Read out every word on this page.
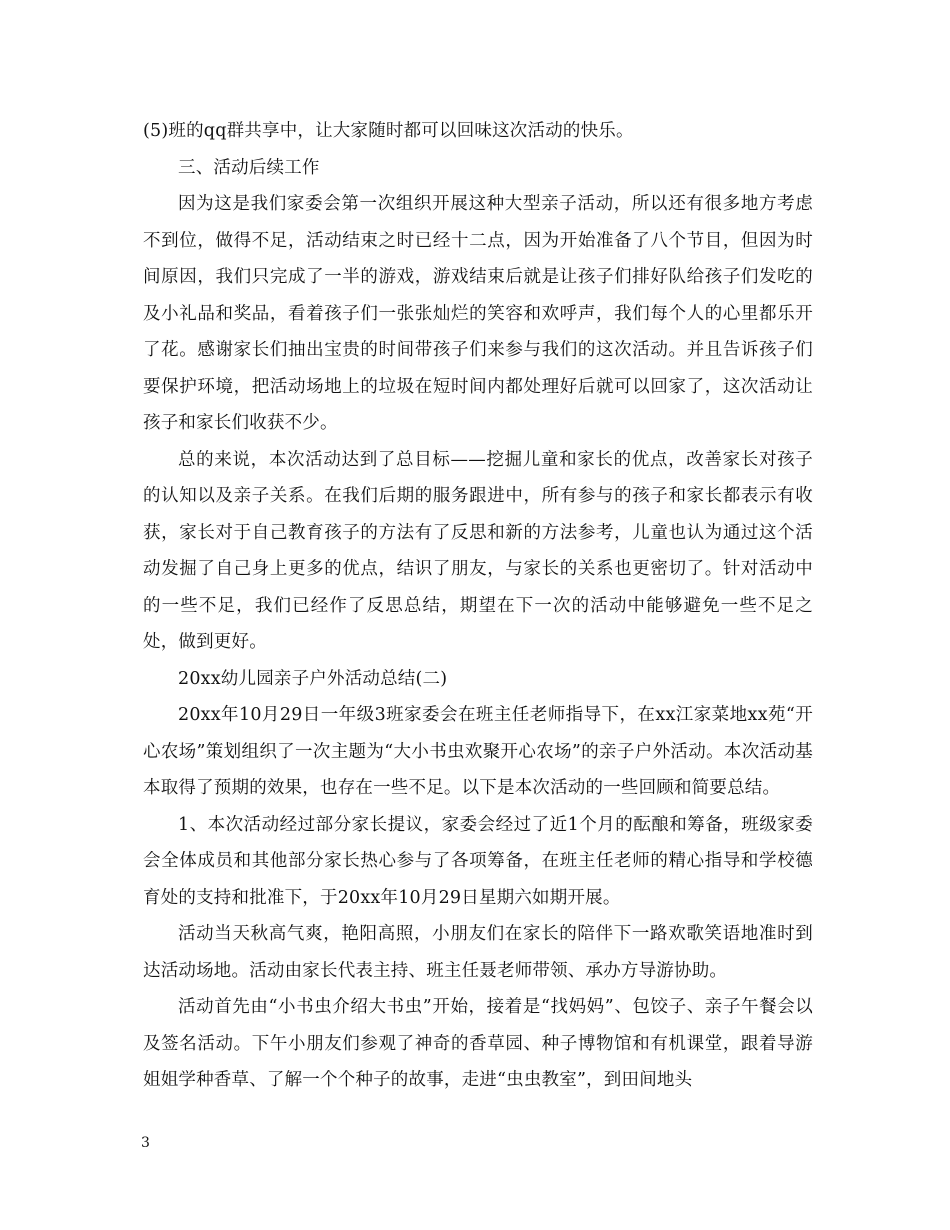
(5)班的qq群共享中，让大家随时都可以回味这次活动的快乐。

三、活动后续工作

因为这是我们家委会第一次组织开展这种大型亲子活动，所以还有很多地方考虑不到位，做得不足，活动结束之时已经十二点，因为开始准备了八个节目，但因为时间原因，我们只完成了一半的游戏，游戏结束后就是让孩子们排好队给孩子们发吃的及小礼品和奖品，看着孩子们一张张灿烂的笑容和欢呼声，我们每个人的心里都乐开了花。感谢家长们抽出宝贵的时间带孩子们来参与我们的这次活动。并且告诉孩子们要保护环境，把活动场地上的垃圾在短时间内都处理好后就可以回家了，这次活动让孩子和家长们收获不少。

总的来说，本次活动达到了总目标——挖掘儿童和家长的优点，改善家长对孩子的认知以及亲子关系。在我们后期的服务跟进中，所有参与的孩子和家长都表示有收获，家长对于自己教育孩子的方法有了反思和新的方法参考，儿童也认为通过这个活动发掘了自己身上更多的优点，结识了朋友，与家长的关系也更密切了。针对活动中的一些不足，我们已经作了反思总结，期望在下一次的活动中能够避免一些不足之处，做到更好。

20xx幼儿园亲子户外活动总结(二)

20xx年10月29日一年级3班家委会在班主任老师指导下，在xx江家菜地xx苑“开心农场”策划组织了一次主题为“大小书虫欢聚开心农场”的亲子户外活动。本次活动基本取得了预期的效果，也存在一些不足。以下是本次活动的一些回顾和简要总结。

1、本次活动经过部分家长提议，家委会经过了近1个月的酝酿和筹备，班级家委会全体成员和其他部分家长热心参与了各项筹备，在班主任老师的精心指导和学校德育处的支持和批准下，于20xx年10月29日星期六如期开展。

活动当天秋高气爽，艳阳高照，小朋友们在家长的陪伴下一路欢歌笑语地准时到达活动场地。活动由家长代表主持、班主任聂老师带领、承办方导游协助。

活动首先由“小书虫介绍大书虫”开始，接着是“找妈妈”、包饺子、亲子午餐会以及签名活动。下午小朋友们参观了神奇的香草园、种子博物馆和有机课堂，跟着导游姐姐学种香草、了解一个个种子的故事，走进“虫虫教室”，到田间地头

3
